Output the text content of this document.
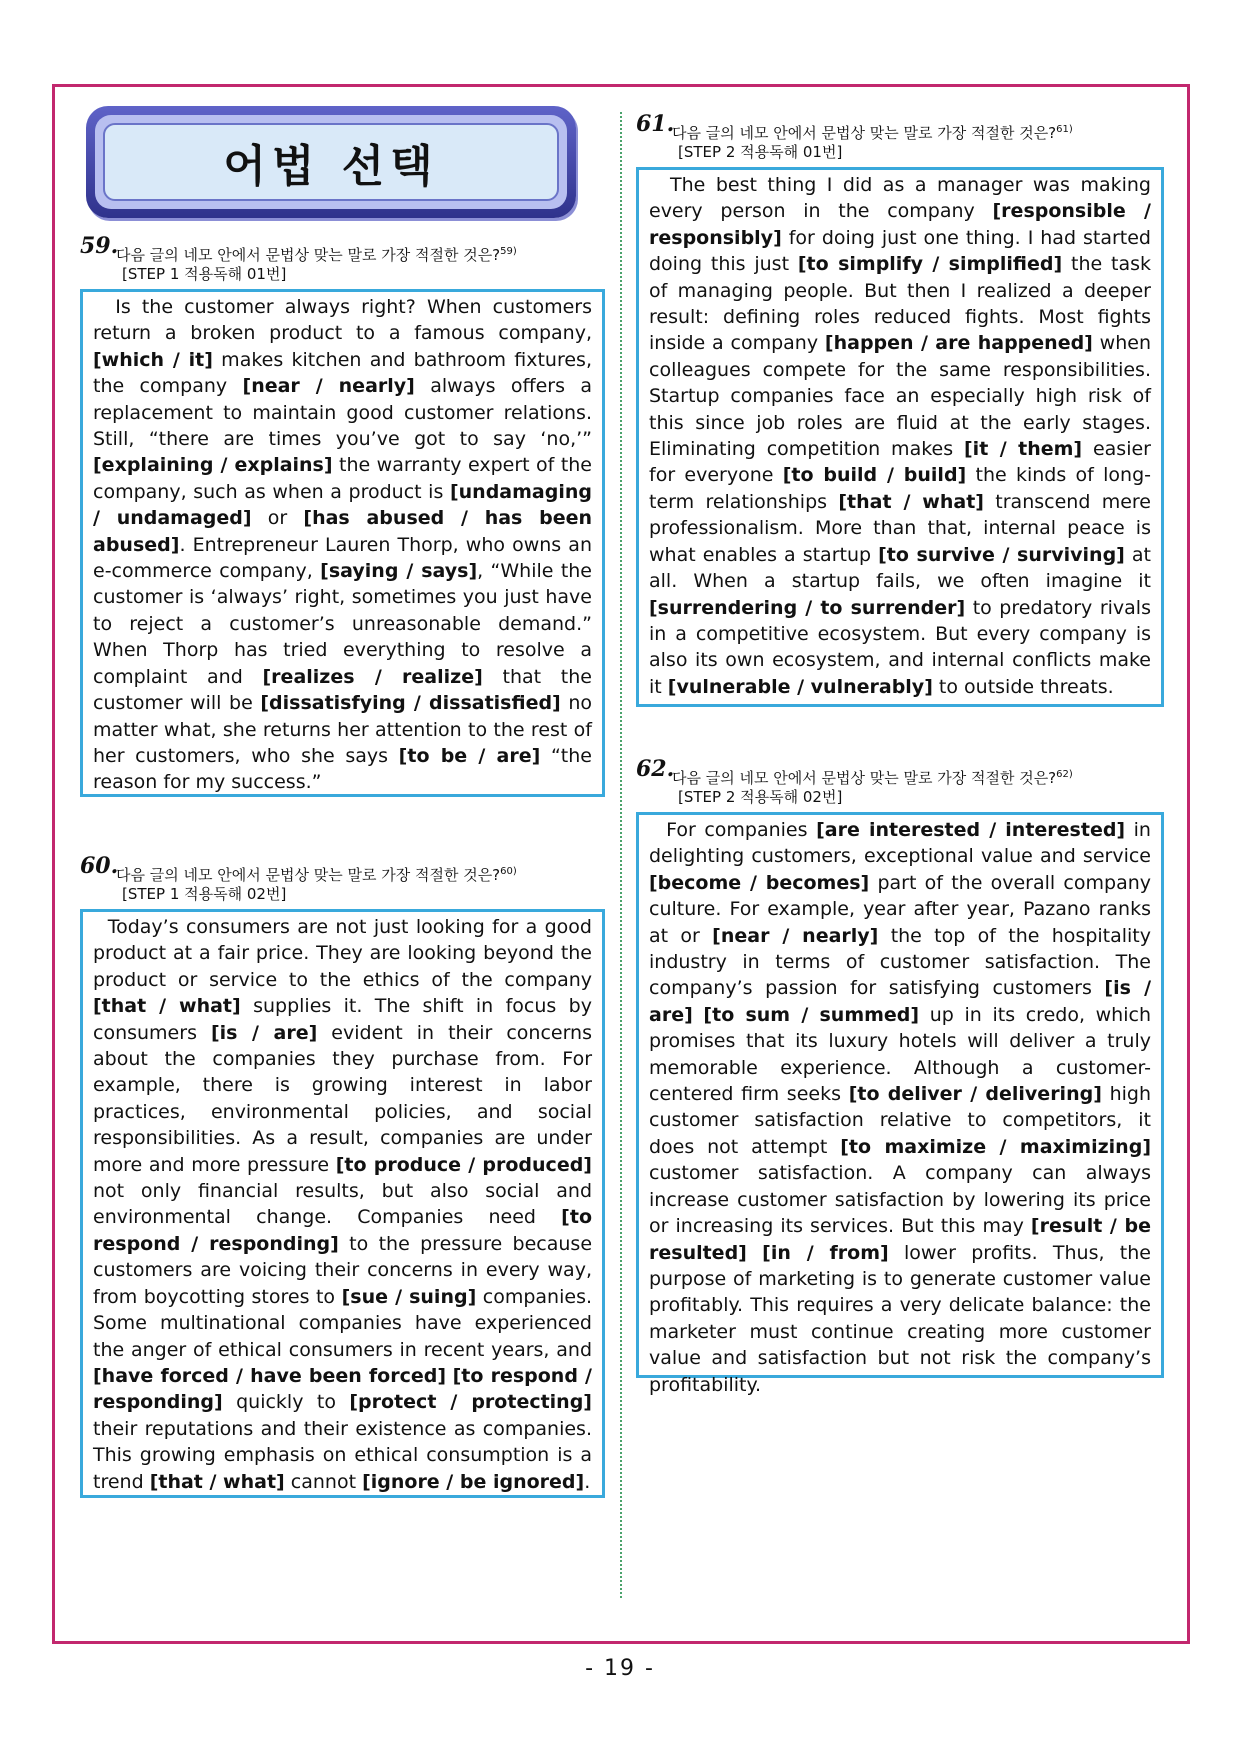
어법 선택
59.
다음 글의 네모 안에서 문법상 맞는 말로 가장 적절한 것은?$^{59)}$
[STEP 1 적용독해 01번]
Is the customer always right? When customers return a broken product to a famous company, [which / it] makes kitchen and bathroom fixtures, the company [near / nearly] always offers a replacement to maintain good customer relations. Still, “there are times you’ve got to say ‘no,’” [explaining / explains] the warranty expert of the company, such as when a product is [undamaging / undamaged] or [has abused / has been abused]. Entrepreneur Lauren Thorp, who owns an e-commerce company, [saying / says], “While the customer is ‘always’ right, sometimes you just have to reject a customer’s unreasonable demand.” When Thorp has tried everything to resolve a complaint and [realizes / realize] that the customer will be [dissatisfying / dissatisfied] no matter what, she returns her attention to the rest of her customers, who she says [to be / are] “the reason for my success.”
60.
다음 글의 네모 안에서 문법상 맞는 말로 가장 적절한 것은?$^{60)}$
[STEP 1 적용독해 02번]
Today’s consumers are not just looking for a good product at a fair price. They are looking beyond the product or service to the ethics of the company [that / what] supplies it. The shift in focus by consumers [is / are] evident in their concerns about the companies they purchase from. For example, there is growing interest in labor practices, environmental policies, and social responsibilities. As a result, companies are under more and more pressure [to produce / produced] not only financial results, but also social and environmental change. Companies need [to respond / responding] to the pressure because customers are voicing their concerns in every way, from boycotting stores to [sue / suing] companies. Some multinational companies have experienced the anger of ethical consumers in recent years, and [have forced / have been forced] [to respond / responding] quickly to [protect / protecting] their reputations and their existence as companies. This growing emphasis on ethical consumption is a trend [that / what] cannot [ignore / be ignored].
61.
다음 글의 네모 안에서 문법상 맞는 말로 가장 적절한 것은?$^{61)}$
[STEP 2 적용독해 01번]
The best thing I did as a manager was making every person in the company [responsible / responsibly] for doing just one thing. I had started doing this just [to simplify / simplified] the task of managing people. But then I realized a deeper result: defining roles reduced fights. Most fights inside a company [happen / are happened] when colleagues compete for the same responsibilities. Startup companies face an especially high risk of this since job roles are fluid at the early stages. Eliminating competition makes [it / them] easier for everyone [to build / build] the kinds of long-term relationships [that / what] transcend mere professionalism. More than that, internal peace is what enables a startup [to survive / surviving] at all. When a startup fails, we often imagine it [surrendering / to surrender] to predatory rivals in a competitive ecosystem. But every company is also its own ecosystem, and internal conflicts make it [vulnerable / vulnerably] to outside threats.
62.
다음 글의 네모 안에서 문법상 맞는 말로 가장 적절한 것은?$^{62)}$
[STEP 2 적용독해 02번]
For companies [are interested / interested] in delighting customers, exceptional value and service [become / becomes] part of the overall company culture. For example, year after year, Pazano ranks at or [near / nearly] the top of the hospitality industry in terms of customer satisfaction. The company’s passion for satisfying customers [is / are] [to sum / summed] up in its credo, which promises that its luxury hotels will deliver a truly memorable experience. Although a customer-centered firm seeks [to deliver / delivering] high customer satisfaction relative to competitors, it does not attempt [to maximize / maximizing] customer satisfaction. A company can always increase customer satisfaction by lowering its price or increasing its services. But this may [result / be resulted] [in / from] lower profits. Thus, the purpose of marketing is to generate customer value profitably. This requires a very delicate balance: the marketer must continue creating more customer value and satisfaction but not risk the company’s profitability.
- 19 -
